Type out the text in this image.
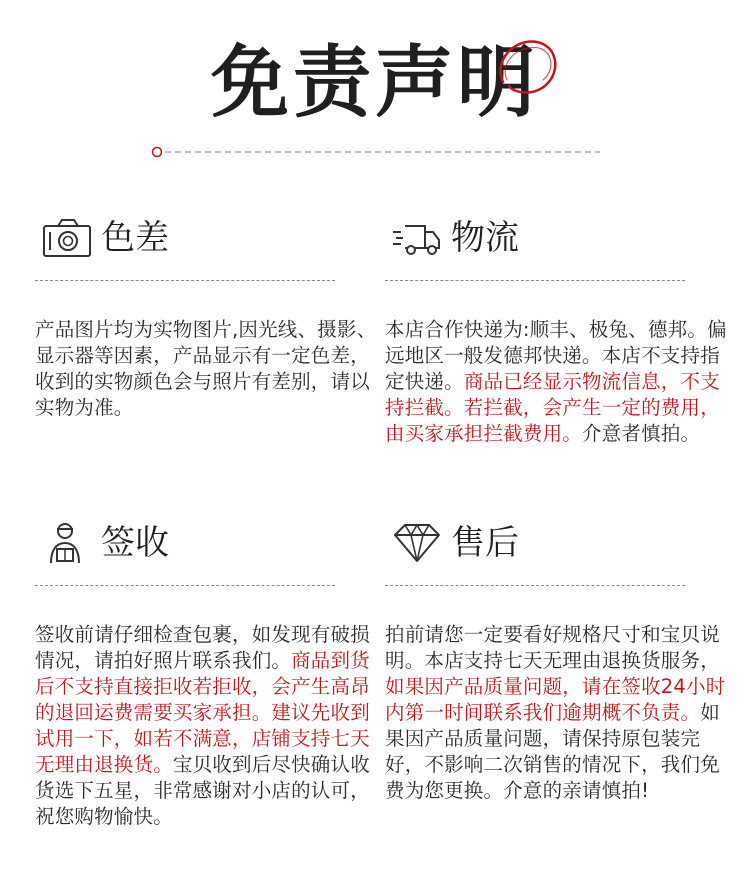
免责声明
色差
产品图片均为实物图片,因光线、摄影、显示器等因素，产品显示有一定色差，收到的实物颜色会与照片有差别，请以实物为准。
物流
本店合作快递为:顺丰、极兔、德邦。偏远地区一般发德邦快递。本店不支持指定快递。商品已经显示物流信息，不支持拦截。若拦截，会产生一定的费用，由买家承担拦截费用。介意者慎拍。
签收
签收前请仔细检查包裹，如发现有破损情况，请拍好照片联系我们。商品到货后不支持直接拒收若拒收，会产生高昂的退回运费需要买家承担。建议先收到试用一下，如若不满意，店铺支持七天无理由退换货。宝贝收到后尽快确认收货选下五星，非常感谢对小店的认可，祝您购物愉快。
售后
拍前请您一定要看好规格尺寸和宝贝说明。本店支持七天无理由退换货服务，如果因产品质量问题，请在签收24小时内第一时间联系我们逾期概不负责。如果因产品质量问题，请保持原包装完好，不影响二次销售的情况下，我们免费为您更换。介意的亲请慎拍!
